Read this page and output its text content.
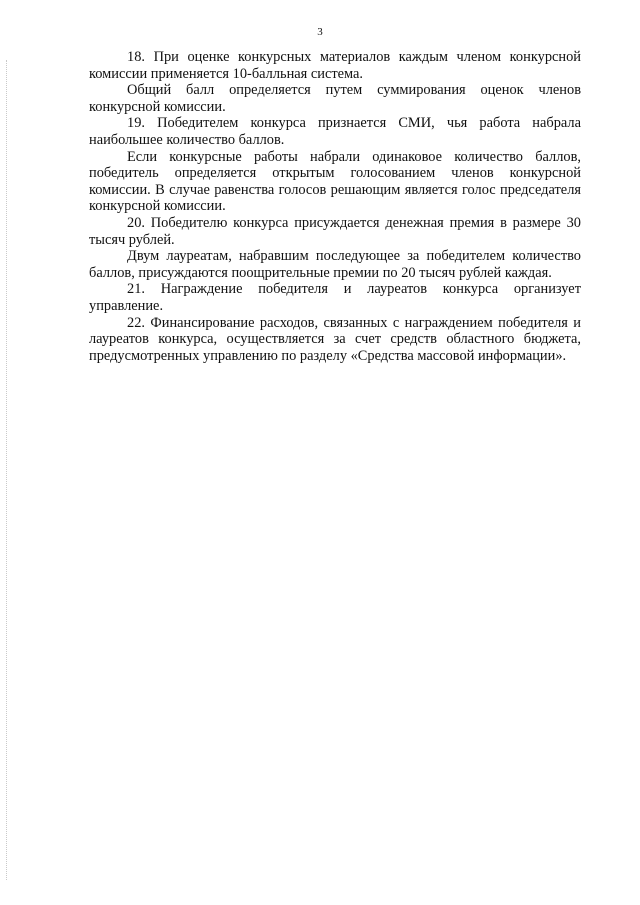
3

18. При оценке конкурсных материалов каждым членом конкурсной комиссии применяется 10-балльная система.

Общий балл определяется путем суммирования оценок членов конкурсной комиссии.

19. Победителем конкурса признается СМИ, чья работа набрала наибольшее количество баллов.

Если конкурсные работы набрали одинаковое количество баллов, победитель определяется открытым голосованием членов конкурсной комиссии. В случае равенства голосов решающим является голос председателя конкурсной комиссии.

20. Победителю конкурса присуждается денежная премия в размере 30 тысяч рублей.

Двум лауреатам, набравшим последующее за победителем количество баллов, присуждаются поощрительные премии по 20 тысяч рублей каждая.

21. Награждение победителя и лауреатов конкурса организует управление.

22. Финансирование расходов, связанных с награждением победителя и лауреатов конкурса, осуществляется за счет средств областного бюджета, предусмотренных управлению по разделу «Средства массовой информации».
